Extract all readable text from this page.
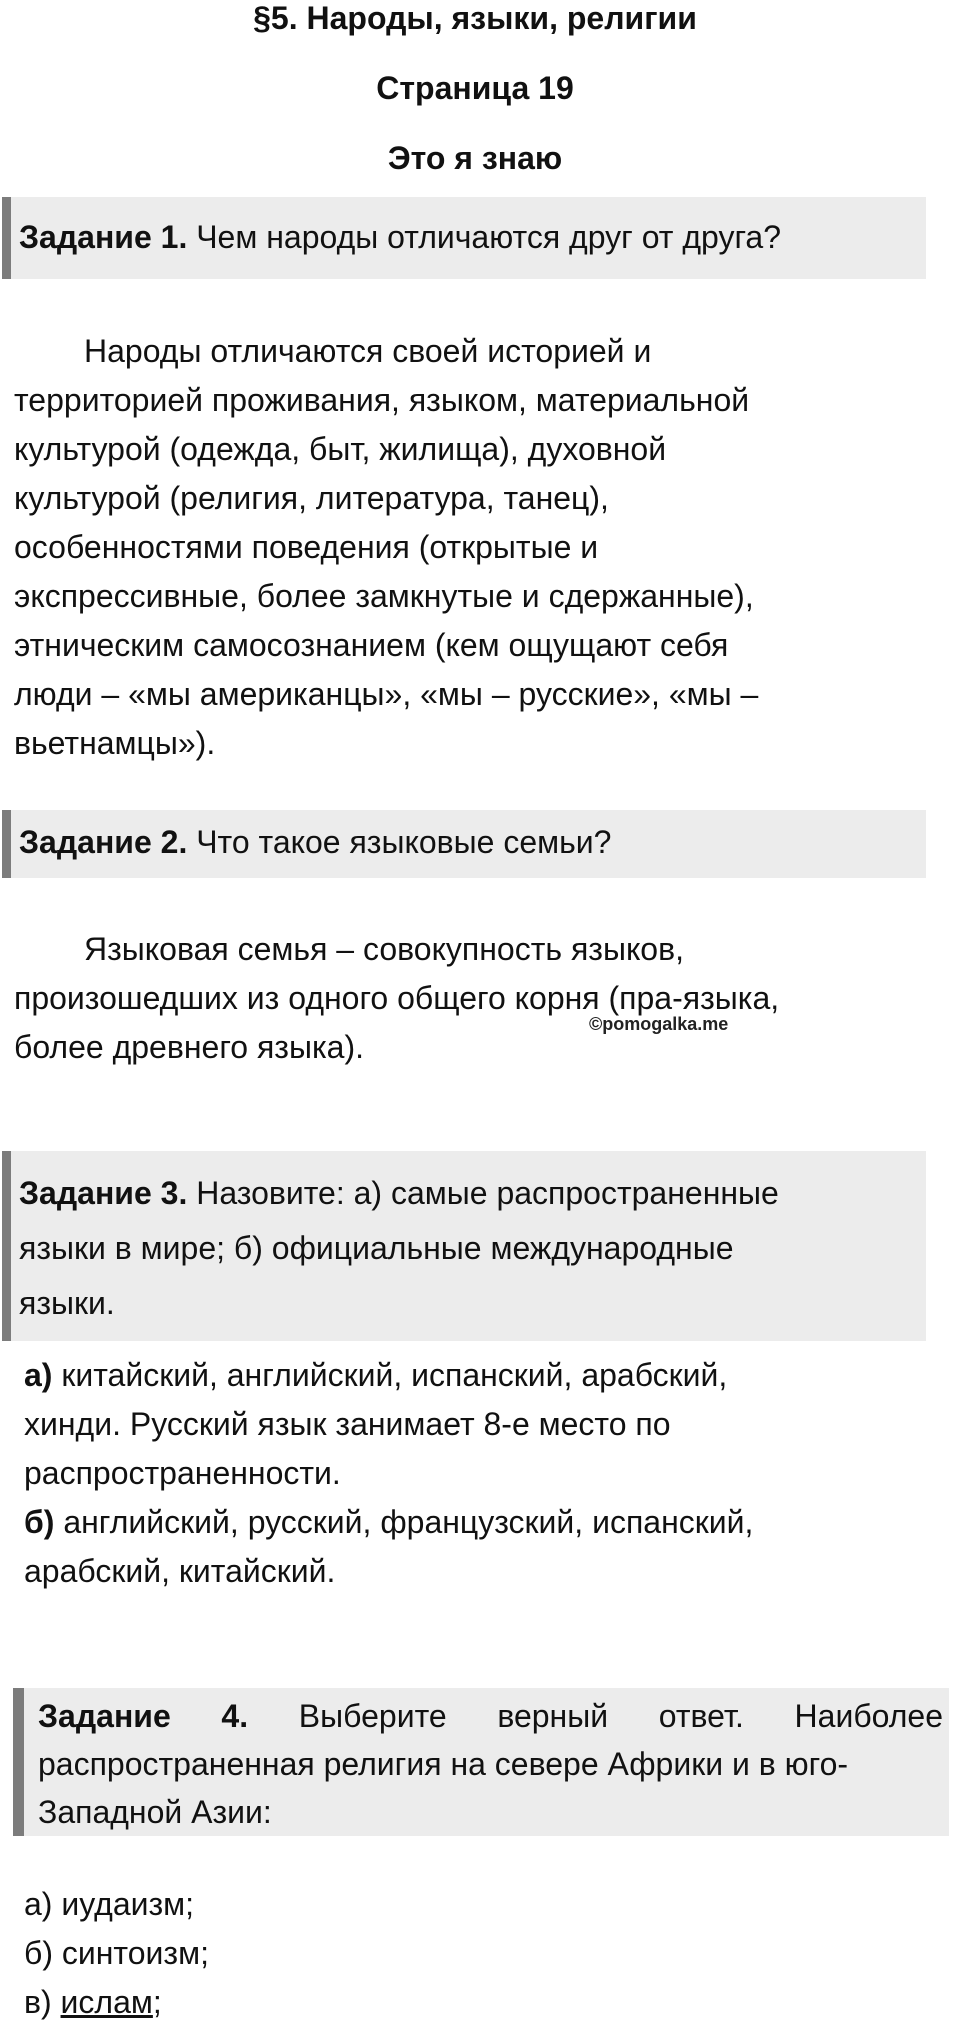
§5. Народы, языки, религии
Страница 19
Это я знаю
Задание 1. Чем народы отличаются друг от друга?
Народы отличаются своей историей и
территорией проживания, языком, материальной
культурой (одежда, быт, жилища), духовной
культурой (религия, литература, танец),
особенностями поведения (открытые и
экспрессивные, более замкнутые и сдержанные),
этническим самосознанием (кем ощущают себя
люди – «мы американцы», «мы – русские», «мы –
вьетнамцы»).
Задание 2. Что такое языковые семьи?
Языковая семья – совокупность языков,
произошедших из одного общего корня (пра-языка,
более древнего языка).
©pomogalka.me
Задание 3. Назовите: а) самые распространенные
языки в мире; б) официальные международные
языки.
а) китайский, английский, испанский, арабский,
хинди. Русский язык занимает 8-е место по
распространенности.
б) английский, русский, французский, испанский,
арабский, китайский.
Задание 4. Выберите верный ответ. Наиболее
распространенная религия на севере Африки и в юго-
Западной Азии:
а) иудаизм;
б) синтоизм;
в) ислам;
